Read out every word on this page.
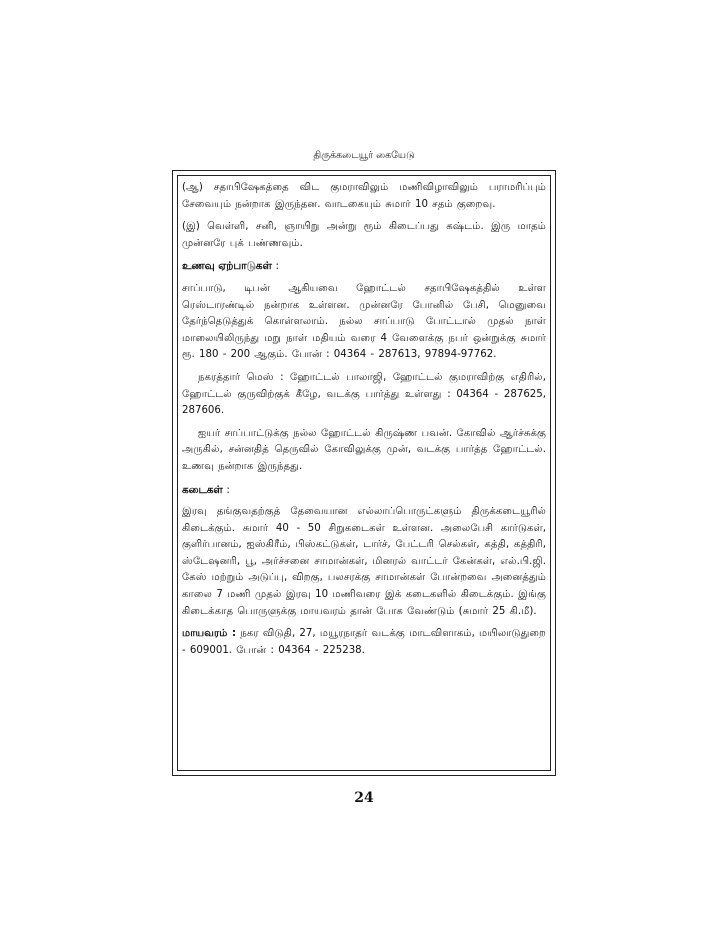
திருக்கடையூர் கையேடு

(ஆ) சதாபிஷேகத்தை விட குமராவிலும் மணிவிழாவிலும் பராமரிப்பும் சேவையும் நன்றாக இருந்தன. வாடகையும் சுமார் 10 சதம் குறைவு.

(இ) வெள்ளி, சனி, ஞாயிறு அன்று ரூம் கிடைப்பது கஷ்டம். இரு மாதம் முன்னரே புக் பண்ணவும்.

உணவு ஏற்பாடுகள் :

சாப்பாடு, டிபன் ஆகியவை ஹோட்டல் சதாபிஷேகத்தில் உள்ள ரெஸ்டாரண்டில் நன்றாக உள்ளன. முன்னரே போனில் பேசி, மெனுவை தேர்ந்தெடுத்துக் கொள்ளலாம். நல்ல சாப்பாடு போட்டால் முதல் நாள் மாலையிலிருந்து மறு நாள் மதியம் வரை 4 வேளைக்கு நபர் ஒன்றுக்கு சுமார் ரூ. 180 - 200 ஆகும். போன் : 04364 - 287613, 97894-97762.

நகரத்தார் மெஸ் : ஹோட்டல் பாலாஜி, ஹோட்டல் குமராவிற்கு எதிரில், ஹோட்டல் குருவிற்குக் கீழே, வடக்கு பார்த்து உள்ளது : 04364 - 287625, 287606.

ஐயர் சாப்பாட்டுக்கு நல்ல ஹோட்டல் கிருஷ்ண பவன். கோவில் ஆர்ச்சுக்கு அருகில், சன்னதித் தெருவில் கோவிலுக்கு முன், வடக்கு பார்த்த ஹோட்டல். உணவு நன்றாக இருந்தது.

கடைகள் :

இரவு தங்குவதற்குத் தேவையான எல்லாப்பொருட்களும் திருக்கடையூரில் கிடைக்கும். சுமார் 40 - 50 சிறுகடைகள் உள்ளன. அலைபேசி கார்டுகள், குளிர்பானம், ஐஸ்கிரீம், பிஸ்கட்டுகள், டார்ச், பேட்டரி செல்கள், கத்தி, கத்திரி, ஸ்டேஷனரி, பூ, அர்ச்சனை சாமான்கள், மினரல் வாட்டர் கேன்கள், எல்.பி.ஜி. கேஸ் மற்றும் அடுப்பு, விறகு, பலசரக்கு சாமான்கள் போன்றவை அனைத்தும் காலை 7 மணி முதல் இரவு 10 மணிவரை இக் கடைகளில் கிடைக்கும். இங்கு கிடைக்காத பொருளுக்கு மாயவரம் தான் போக வேண்டும் (சுமார் 25 கி.மீ).

மாயவரம் : நகர விடுதி, 27, மயூரநாதர் வடக்கு மாடவிளாகம், மயிலாடுதுறை - 609001. போன் : 04364 - 225238.

24
